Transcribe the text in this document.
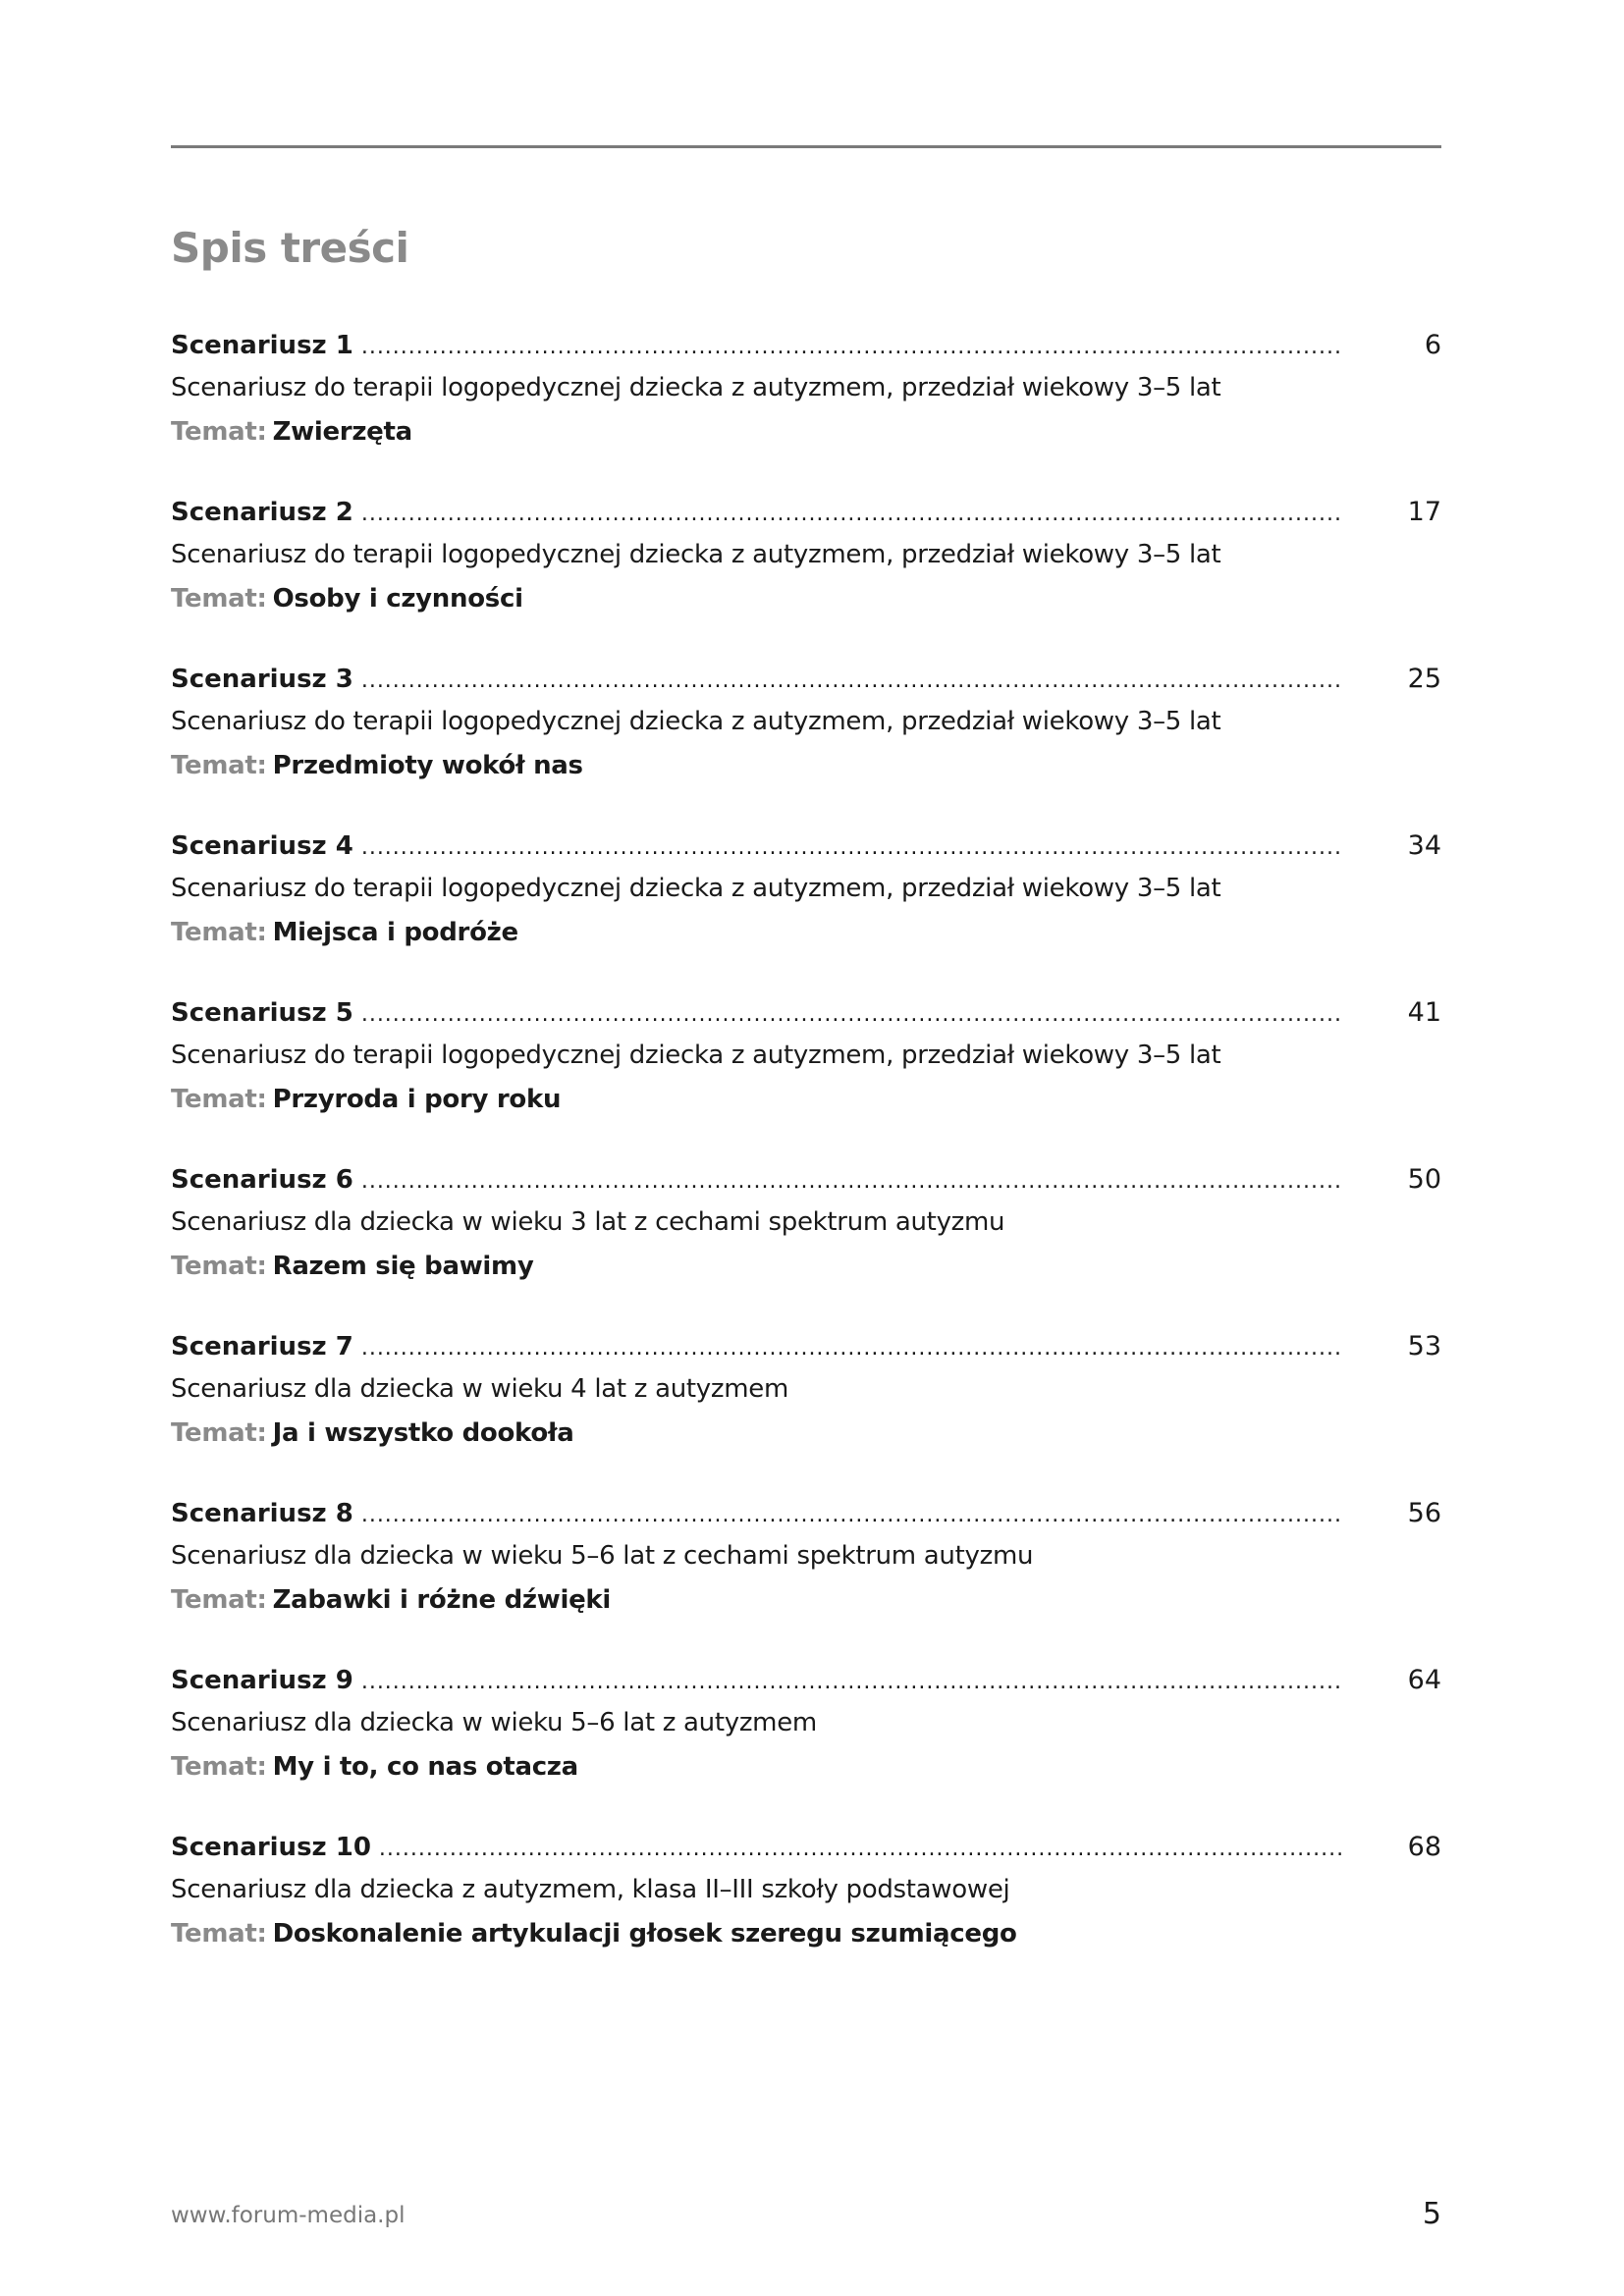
Spis treści
Scenariusz 1 .....	6
Scenariusz do terapii logopedycznej dziecka z autyzmem, przedział wiekowy 3–5 lat
Temat: Zwierzęta
Scenariusz 2 .....	17
Scenariusz do terapii logopedycznej dziecka z autyzmem, przedział wiekowy 3–5 lat
Temat: Osoby i czynności
Scenariusz 3 .....	25
Scenariusz do terapii logopedycznej dziecka z autyzmem, przedział wiekowy 3–5 lat
Temat: Przedmioty wokół nas
Scenariusz 4 .....	34
Scenariusz do terapii logopedycznej dziecka z autyzmem, przedział wiekowy 3–5 lat
Temat: Miejsca i podróże
Scenariusz 5 .....	41
Scenariusz do terapii logopedycznej dziecka z autyzmem, przedział wiekowy 3–5 lat
Temat: Przyroda i pory roku
Scenariusz 6 .....	50
Scenariusz dla dziecka w wieku 3 lat z cechami spektrum autyzmu
Temat: Razem się bawimy
Scenariusz 7 .....	53
Scenariusz dla dziecka w wieku 4 lat z autyzmem
Temat: Ja i wszystko dookoła
Scenariusz 8 .....	56
Scenariusz dla dziecka w wieku 5–6 lat z cechami spektrum autyzmu
Temat: Zabawki i różne dźwięki
Scenariusz 9 .....	64
Scenariusz dla dziecka w wieku 5–6 lat z autyzmem
Temat: My i to, co nas otacza
Scenariusz 10 .....	68
Scenariusz dla dziecka z autyzmem, klasa II–III szkoły podstawowej
Temat: Doskonalenie artykulacji głosek szeregu szumiącego
www.forum-media.pl	5
